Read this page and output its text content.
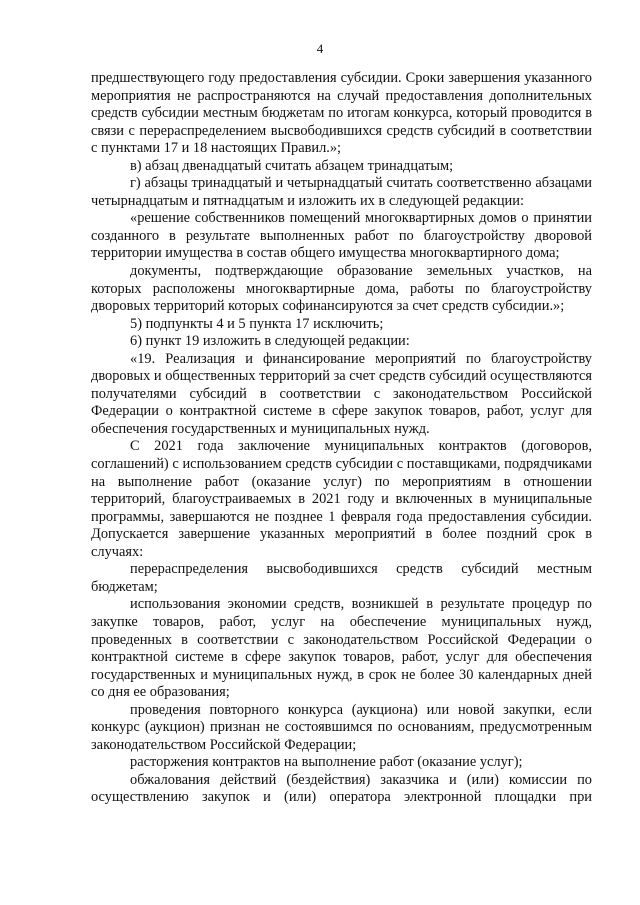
4

предшествующего году предоставления субсидии. Сроки завершения указанного мероприятия не распространяются на случай предоставления дополнительных средств субсидии местным бюджетам по итогам конкурса, который проводится в связи с перераспределением высвободившихся средств субсидий в соответствии с пунктами 17 и 18 настоящих Правил.»;

в) абзац двенадцатый считать абзацем тринадцатым;

г) абзацы тринадцатый и четырнадцатый считать соответственно абзацами четырнадцатым и пятнадцатым и изложить их в следующей редакции:

«решение собственников помещений многоквартирных домов о принятии созданного в результате выполненных работ по благоустройству дворовой территории имущества в состав общего имущества многоквартирного дома;

документы, подтверждающие образование земельных участков, на которых расположены многоквартирные дома, работы по благоустройству дворовых территорий которых софинансируются за счет средств субсидии.»;

5) подпункты 4 и 5 пункта 17 исключить;

6) пункт 19 изложить в следующей редакции:

«19. Реализация и финансирование мероприятий по благоустройству дворовых и общественных территорий за счет средств субсидий осуществляются получателями субсидий в соответствии с законодательством Российской Федерации о контрактной системе в сфере закупок товаров, работ, услуг для обеспечения государственных и муниципальных нужд.

С 2021 года заключение муниципальных контрактов (договоров, соглашений) с использованием средств субсидии с поставщиками, подрядчиками на выполнение работ (оказание услуг) по мероприятиям в отношении территорий, благоустраиваемых в 2021 году и включенных в муниципальные программы, завершаются не позднее 1 февраля года предоставления субсидии. Допускается завершение указанных мероприятий в более поздний срок в случаях:

перераспределения высвободившихся средств субсидий местным бюджетам;

использования экономии средств, возникшей в результате процедур по закупке товаров, работ, услуг на обеспечение муниципальных нужд, проведенных в соответствии с законодательством Российской Федерации о контрактной системе в сфере закупок товаров, работ, услуг для обеспечения государственных и муниципальных нужд, в срок не более 30 календарных дней со дня ее образования;

проведения повторного конкурса (аукциона) или новой закупки, если конкурс (аукцион) признан не состоявшимся по основаниям, предусмотренным законодательством Российской Федерации;

расторжения контрактов на выполнение работ (оказание услуг);

обжалования действий (бездействия) заказчика и (или) комиссии по осуществлению закупок и (или) оператора электронной площадки при
